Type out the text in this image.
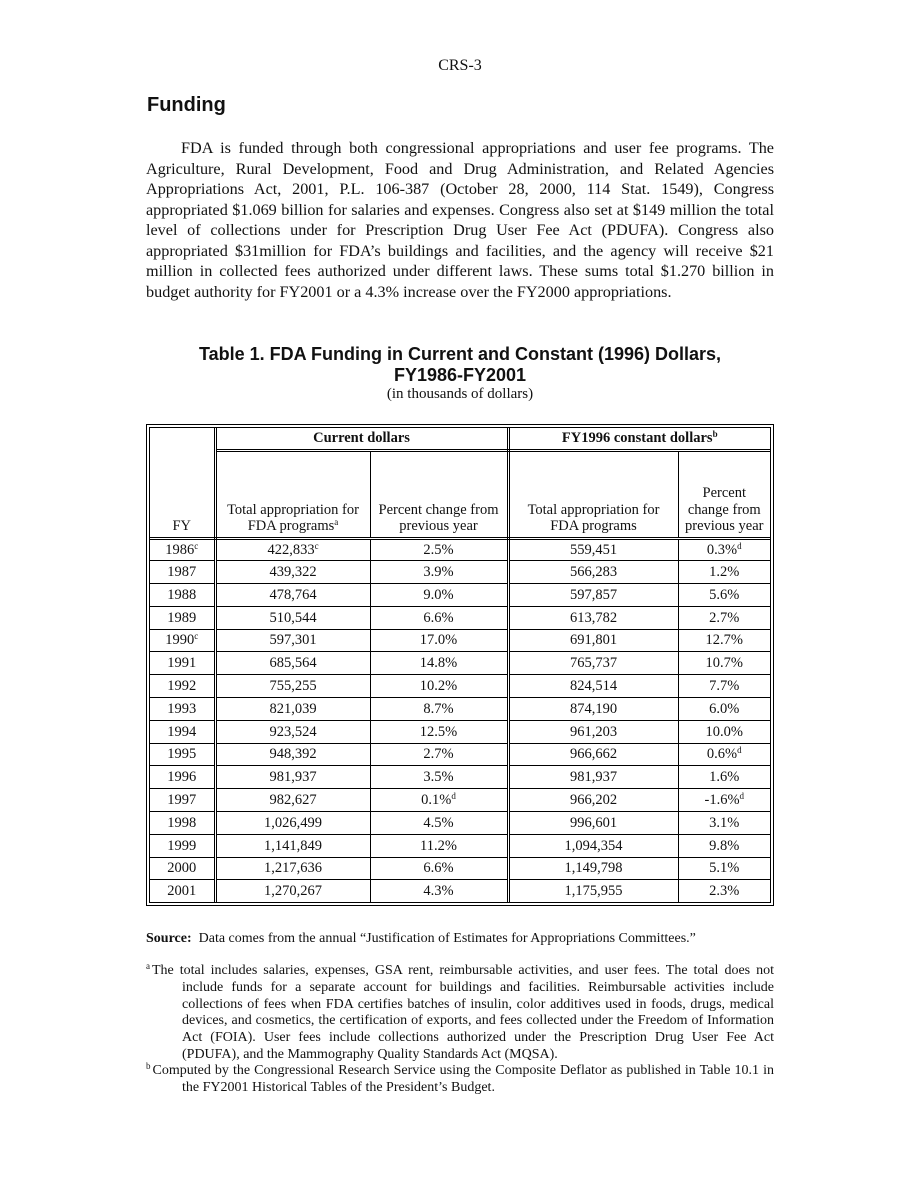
CRS-3
Funding

FDA is funded through both congressional appropriations and user fee programs. The Agriculture, Rural Development, Food and Drug Administration, and Related Agencies Appropriations Act, 2001, P.L. 106-387 (October 28, 2000, 114 Stat. 1549), Congress appropriated $1.069 billion for salaries and expenses. Congress also set at $149 million the total level of collections under for Prescription Drug User Fee Act (PDUFA). Congress also appropriated $31million for FDA’s buildings and facilities, and the agency will receive $21 million in collected fees authorized under different laws. These sums total $1.270 billion in budget authority for FY2001 or a 4.3% increase over the FY2000 appropriations.

Table 1. FDA Funding in Current and Constant (1996) Dollars,
FY1986-FY2001
(in thousands of dollars)
FY	Current dollars		FY1996 constant dollars$^b$
	Total appropriation for FDA programs$^a$	Percent change from previous year	Total appropriation for FDA programs	Percent change from previous year
1986$^c$	422,833$^c$	2.5%	559,451	0.3%$^d$
1987	439,322	3.9%	566,283	1.2%
1988	478,764	9.0%	597,857	5.6%
1989	510,544	6.6%	613,782	2.7%
1990$^c$	597,301	17.0%	691,801	12.7%
1991	685,564	14.8%	765,737	10.7%
1992	755,255	10.2%	824,514	7.7%
1993	821,039	8.7%	874,190	6.0%
1994	923,524	12.5%	961,203	10.0%
1995	948,392	2.7%	966,662	0.6%$^d$
1996	981,937	3.5%	981,937	1.6%
1997	982,627	0.1%$^d$	966,202	-1.6%$^d$
1998	1,026,499	4.5%	996,601	3.1%
1999	1,141,849	11.2%	1,094,354	9.8%
2000	1,217,636	6.6%	1,149,798	5.1%
2001	1,270,267	4.3%	1,175,955	2.3%

Source: Data comes from the annual “Justification of Estimates for Appropriations Committees.”

$^a$ The total includes salaries, expenses, GSA rent, reimbursable activities, and user fees. The total does not include funds for a separate account for buildings and facilities. Reimbursable activities include collections of fees when FDA certifies batches of insulin, color additives used in foods, drugs, medical devices, and cosmetics, the certification of exports, and fees collected under the Freedom of Information Act (FOIA). User fees include collections authorized under the Prescription Drug User Fee Act (PDUFA), and the Mammography Quality Standards Act (MQSA).

$^b$ Computed by the Congressional Research Service using the Composite Deflator as published in Table 10.1 in the FY2001 Historical Tables of the President’s Budget.
